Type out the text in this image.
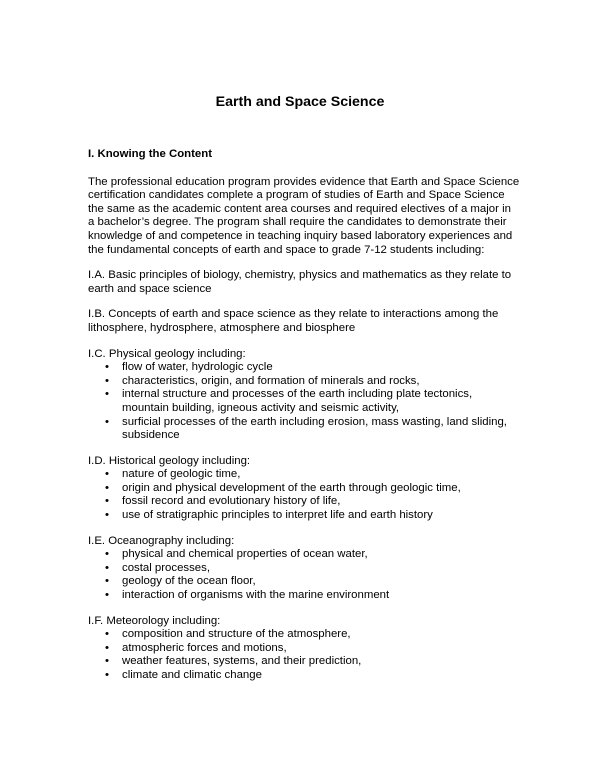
Earth and Space Science

I. Knowing the Content

The professional education program provides evidence that Earth and Space Science certification candidates complete a program of studies of Earth and Space Science the same as the academic content area courses and required electives of a major in a bachelor’s degree. The program shall require the candidates to demonstrate their knowledge of and competence in teaching inquiry based laboratory experiences and the fundamental concepts of earth and space to grade 7-12 students including:

I.A. Basic principles of biology, chemistry, physics and mathematics as they relate to earth and space science

I.B. Concepts of earth and space science as they relate to interactions among the lithosphere, hydrosphere, atmosphere and biosphere

I.C. Physical geology including:

• flow of water, hydrologic cycle
• characteristics, origin, and formation of minerals and rocks,
• internal structure and processes of the earth including plate tectonics, mountain building, igneous activity and seismic activity,
• surficial processes of the earth including erosion, mass wasting, land sliding, subsidence

I.D. Historical geology including:

• nature of geologic time,
• origin and physical development of the earth through geologic time,
• fossil record and evolutionary history of life,
• use of stratigraphic principles to interpret life and earth history

I.E. Oceanography including:

• physical and chemical properties of ocean water,
• costal processes,
• geology of the ocean floor,
• interaction of organisms with the marine environment

I.F. Meteorology including:

• composition and structure of the atmosphere,
• atmospheric forces and motions,
• weather features, systems, and their prediction,
• climate and climatic change
